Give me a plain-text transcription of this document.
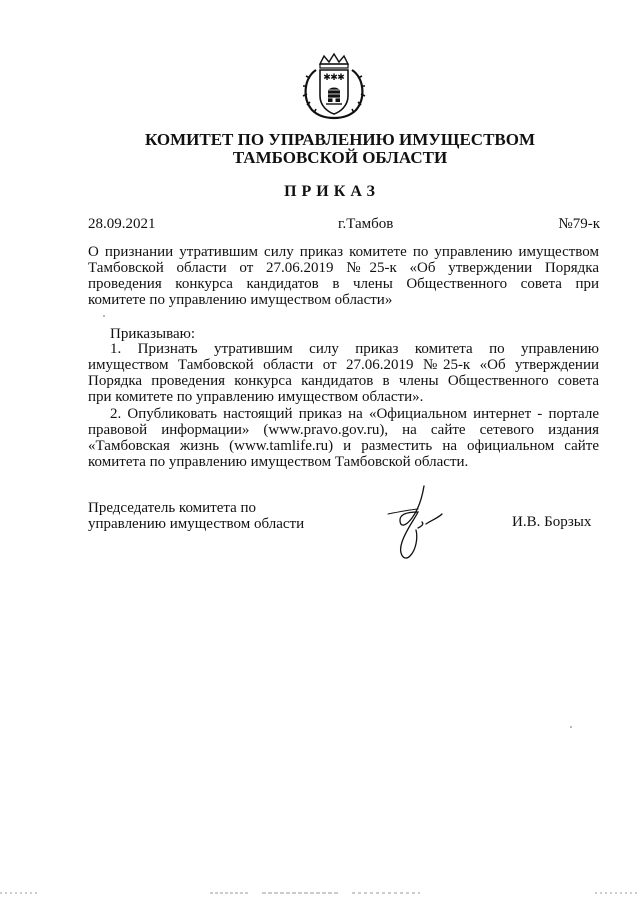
✱ ✱ ✱
КОМИТЕТ ПО УПРАВЛЕНИЮ ИМУЩЕСТВОМ
ТАМБОВСКОЙ ОБЛАСТИ
ПРИКАЗ
28.09.2021	г.Тамбов	№79-к
О признании утратившим силу приказ комитете по управлению имуществом
Тамбовской области от 27.06.2019 №25-к «Об утверждении Порядка
проведения конкурса кандидатов в члены Общественного совета при
комитете по управлению имуществом области»
Приказываю:
1. Признать утратившим силу приказ комитета по управлению
имуществом Тамбовской области от 27.06.2019 №25-к «Об утверждении
Порядка проведения конкурса кандидатов в члены Общественного совета
при комитете по управлению имуществом области».
2. Опубликовать настоящий приказ на «Официальном интернет - портале
правовой информации» (www.pravo.gov.ru), на сайте сетевого издания
«Тамбовская жизнь (www.tamlife.ru) и разместить на официальном сайте
комитета по управлению имуществом Тамбовской области.
Председатель комитета по
управлению имуществом области	И.В. Борзых
